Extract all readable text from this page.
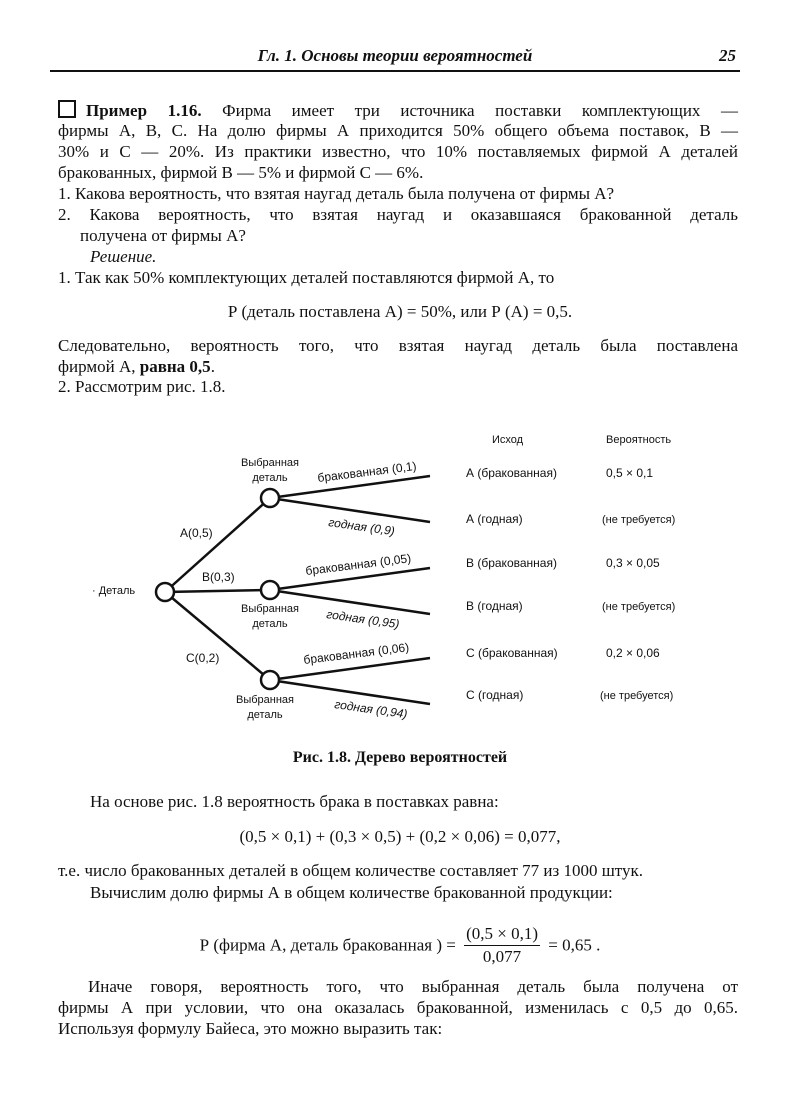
Гл. 1. Основы теории вероятностей	25
Пример 1.16. Фирма имеет три источника поставки комплектующих —
фирмы А, В, С. На долю фирмы А приходится 50% общего объема поставок, В —
30% и С — 20%. Из практики известно, что 10% поставляемых фирмой А деталей
бракованных, фирмой В — 5% и фирмой С — 6%.
1. Какова вероятность, что взятая наугад деталь была получена от фирмы А?
2. Какова вероятность, что взятая наугад и оказавшаяся бракованной деталь
получена от фирмы А?
Решение.
1. Так как 50% комплектующих деталей поставляются фирмой А, то
Р (деталь поставлена А) = 50%, или Р (А) = 0,5.
Следовательно, вероятность того, что взятая наугад деталь была поставлена
фирмой А, равна 0,5.
2. Рассмотрим рис. 1.8.
· Деталь
А(0,5)
В(0,3)
С(0,2)
Выбранная
деталь
Выбранная
деталь
Выбранная
деталь
бракованная (0,1)
годная (0,9)
бракованная (0,05)
годная (0,95)
бракованная (0,06)
годная (0,94)
Исход	Вероятность
А (бракованная)
А (годная)
В (бракованная)
В (годная)
С (бракованная)
С (годная)
0,5 × 0,1
(не требуется)
0,3 × 0,05
(не требуется)
0,2 × 0,06
(не требуется)
Рис. 1.8. Дерево вероятностей
На основе рис. 1.8 вероятность брака в поставках равна:
(0,5 × 0,1) + (0,3 × 0,5) + (0,2 × 0,06) = 0,077,
т.е. число бракованных деталей в общем количестве составляет 77 из 1000 штук.
Вычислим долю фирмы А в общем количестве бракованной продукции:
Р (фирма А, деталь бракованная ) = $\frac{(0,5 \times 0,1)}{0,077} = 0,65$ .
Иначе говоря, вероятность того, что выбранная деталь была получена от
фирмы А при условии, что она оказалась бракованной, изменилась с 0,5 до 0,65.
Используя формулу Байеса, это можно выразить так:
